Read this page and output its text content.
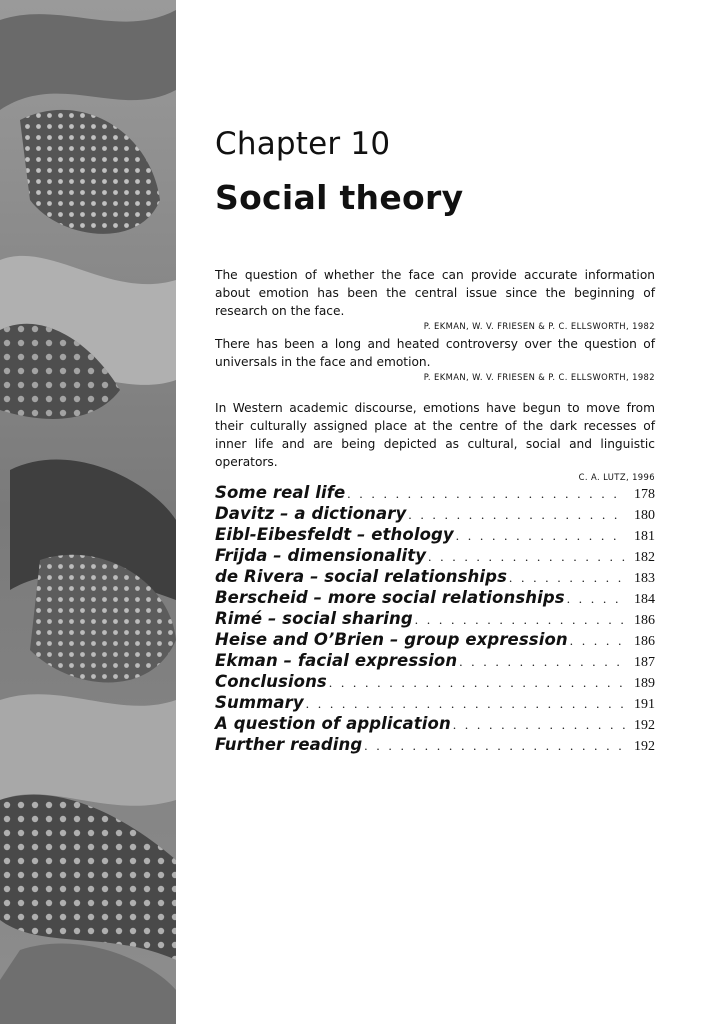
Chapter 10
Social theory

The question of whether the face can provide accurate information about emotion has been the central issue since the beginning of research on the face.

P. EKMAN, W. V. FRIESEN & P. C. ELLSWORTH, 1982

There has been a long and heated controversy over the question of universals in the face and emotion.

P. EKMAN, W. V. FRIESEN & P. C. ELLSWORTH, 1982

In Western academic discourse, emotions have begun to move from their culturally assigned place at the centre of the dark recesses of inner life and are being depicted as cultural, social and linguistic operators.

C. A. LUTZ, 1996

Some real life . . .	178
Davitz – a dictionary . . .	180
Eibl-Eibesfeldt – ethology . . .	181
Frijda – dimensionality . . .	182
de Rivera – social relationships . . .	183
Berscheid – more social relationships . . .	184
Rimé – social sharing . . .	186
Heise and O’Brien – group expression . . .	186
Ekman – facial expression . . .	187
Conclusions . . .	189
Summary . . .	191
A question of application . . .	192
Further reading . . .	192
